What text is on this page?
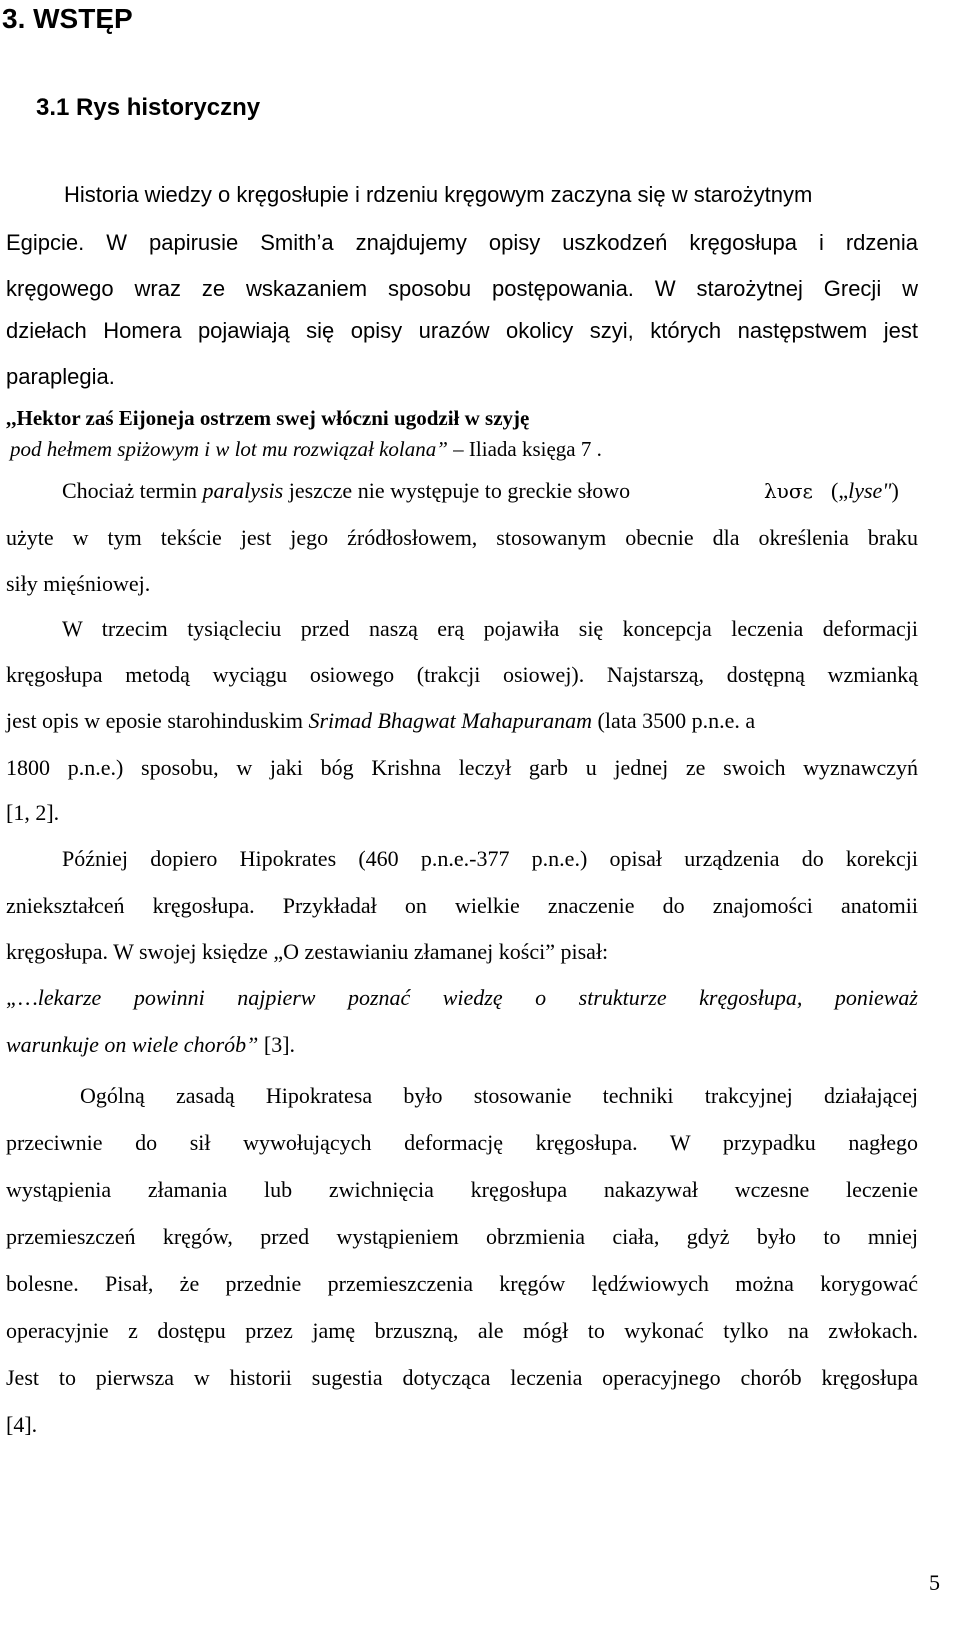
3. WSTĘP
3.1 Rys historyczny
Historia wiedzy o kręgosłupie i rdzeniu kręgowym zaczyna się w starożytnym
Egipcie. W papirusie Smith’a znajdujemy opisy uszkodzeń kręgosłupa i rdzenia
kręgowego wraz ze wskazaniem sposobu postępowania. W starożytnej Grecji w
dziełach Homera pojawiają się opisy urazów okolicy szyi, których następstwem jest
paraplegia.
,,Hektor zaś Eijoneja ostrzem swej włóczni ugodził w szyję
pod hełmem spiżowym i w lot mu rozwiązał kolana” – Iliada księga 7 .
Chociaż termin paralysis jeszcze nie występuje to greckie słowo	λυσε („lyse")
użyte w tym tekście jest jego źródłosłowem, stosowanym obecnie dla określenia braku
siły mięśniowej.
W trzecim tysiącleciu przed naszą erą pojawiła się koncepcja leczenia deformacji
kręgosłupa metodą wyciągu osiowego (trakcji osiowej). Najstarszą, dostępną wzmianką
jest opis w eposie starohinduskim Srimad Bhagwat Mahapuranam (lata 3500 p.n.e. a
1800 p.n.e.) sposobu, w jaki bóg Krishna leczył garb u jednej ze swoich wyznawczyń
[1, 2].
Później dopiero Hipokrates (460 p.n.e.-377 p.n.e.) opisał urządzenia do korekcji
zniekształceń kręgosłupa. Przykładał on wielkie znaczenie do znajomości anatomii
kręgosłupa. W swojej księdze „O zestawianiu złamanej kości” pisał:
„…lekarze powinni najpierw poznać wiedzę o strukturze kręgosłupa, ponieważ
warunkuje on wiele chorób” [3].
Ogólną zasadą Hipokratesa było stosowanie techniki trakcyjnej działającej
przeciwnie do sił wywołujących deformację kręgosłupa. W przypadku nagłego
wystąpienia złamania lub zwichnięcia kręgosłupa nakazywał wczesne leczenie
przemieszczeń kręgów, przed wystąpieniem obrzmienia ciała, gdyż było to mniej
bolesne. Pisał, że przednie przemieszczenia kręgów lędźwiowych można korygować
operacyjnie z dostępu przez jamę brzuszną, ale mógł to wykonać tylko na zwłokach.
Jest to pierwsza w historii sugestia dotycząca leczenia operacyjnego chorób kręgosłupa
[4].
5
